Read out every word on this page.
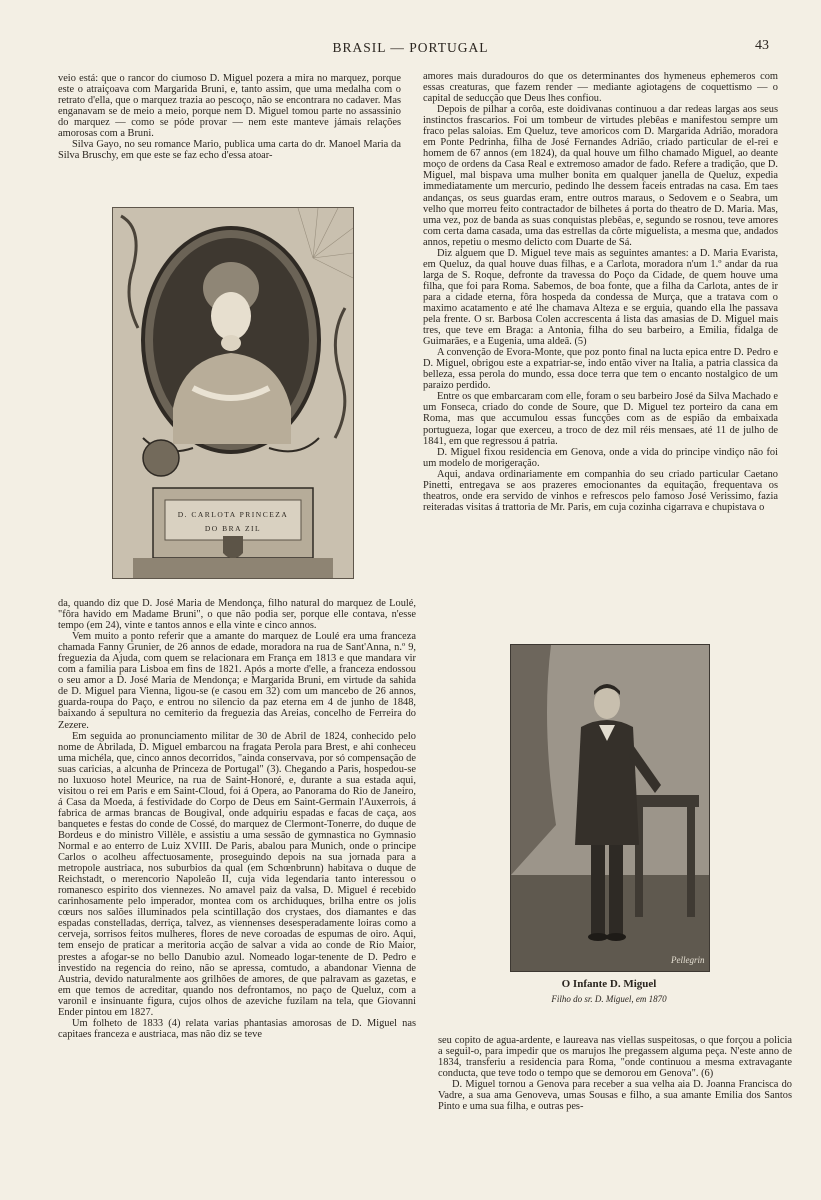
BRASIL — PORTUGAL	43

veio está: que o rancor do ciumoso D. Miguel pozera a mira no marquez, porque este o atraiçoava com Margarida Bruni, e, tanto assim, que uma medalha com o retrato d'ella, que o marquez trazia ao pescoço, não se encontrara no cadaver. Mas enganavam se de meio a meio, porque nem D. Miguel tomou parte no assassinio do marquez — como se póde provar — nem este manteve jámais relações amorosas com a Bruni.

Silva Gayo, no seu romance Mario, publica uma carta do dr. Manoel Maria da Silva Bruschy, em que este se faz echo d'essa atoar-

D. CARLOTA PRINCEZA
DO BRA ZIL

da, quando diz que D. José Maria de Mendonça, filho natural do marquez de Loulé, "fôra havido em Madame Bruni", o que não podia ser, porque elle contava, n'esse tempo (em 24), vinte e tantos annos e ella vinte e cinco annos.

Vem muito a ponto referir que a amante do marquez de Loulé era uma franceza chamada Fanny Grunier, de 26 annos de edade, moradora na rua de Sant'Anna, n.º 9, freguezia da Ajuda, com quem se relacionara em França em 1813 e que mandara vir com a familia para Lisboa em fins de 1821. Após a morte d'elle, a franceza endossou o seu amor a D. José Maria de Mendonça; e Margarida Bruni, em virtude da sahida de D. Miguel para Vienna, ligou-se (e casou em 32) com um mancebo de 26 annos, guarda-roupa do Paço, e entrou no silencio da paz eterna em 4 de junho de 1848, baixando á sepultura no cemiterio da freguezia das Areias, concelho de Ferreira do Zezere.

Em seguida ao pronunciamento militar de 30 de Abril de 1824, conhecido pelo nome de Abrilada, D. Miguel embarcou na fragata Perola para Brest, e ahi conheceu uma michéla, que, cinco annos decorridos, "ainda conservava, por só compensação de suas caricias, a alcunha de Princeza de Portugal" (3). Chegando a Paris, hospedou-se no luxuoso hotel Meurice, na rua de Saint-Honoré, e, durante a sua estada aqui, visitou o rei em Paris e em Saint-Cloud, foi á Opera, ao Panorama do Rio de Janeiro, á Casa da Moeda, á festividade do Corpo de Deus em Saint-Germain l'Auxerrois, á fabrica de armas brancas de Bougival, onde adquiriu espadas e facas de caça, aos banquetes e festas do conde de Cossé, do marquez de Clermont-Tonerre, do duque de Bordeus e do ministro Villèle, e assistiu a uma sessão de gymnastica no Gymnasio Normal e ao enterro de Luiz XVIII. De Paris, abalou para Munich, onde o principe Carlos o acolheu affectuosamente, proseguindo depois na sua jornada para a metropole austriaca, nos suburbios da qual (em Schœnbrunn) habitava o duque de Reichstadt, o merencorio Napoleão II, cuja vida legendaria tanto interessou o romanesco espirito dos viennezes. No amavel paiz da valsa, D. Miguel é recebido carinhosamente pelo imperador, montea com os archiduques, brilha entre os jolis cœurs nos salões illuminados pela scintillação dos crystaes, dos diamantes e das espadas constelladas, derriça, talvez, as viennenses desesperadamente loiras como a cerveja, sorrisos feitos mulheres, flores de neve coroadas de espumas de oiro. Aqui, tem ensejo de praticar a meritoria acção de salvar a vida ao conde de Rio Maior, prestes a afogar-se no bello Danubio azul. Nomeado logar-tenente de D. Pedro e investido na regencia do reino, não se apressa, comtudo, a abandonar Vienna de Austria, devido naturalmente aos grilhões de amores, de que palravam as gazetas, e em que temos de acreditar, quando nos defrontamos, no paço de Queluz, com a varonil e insinuante figura, cujos olhos de azeviche fuzilam na tela, que Giovanni Ender pintou em 1827.

Um folheto de 1833 (4) relata varias phantasias amorosas de D. Miguel nas capitaes franceza e austriaca, mas não diz se teve

amores mais duradouros do que os determinantes dos hymeneus ephemeros com essas creaturas, que fazem render — mediante agiotagens de coquettismo — o capital de seducção que Deus lhes confiou.

Depois de pilhar a corôa, este doidivanas continuou a dar redeas largas aos seus instinctos frascarios. Foi um tombeur de virtudes plebêas e manifestou sempre um fraco pelas saloias. Em Queluz, teve amoricos com D. Margarida Adrião, moradora em Ponte Pedrinha, filha de José Fernandes Adrião, criado particular de el-rei e homem de 67 annos (em 1824), da qual houve um filho chamado Miguel, ao deante moço de ordens da Casa Real e extremoso amador de fado. Refere a tradição, que D. Miguel, mal bispava uma mulher bonita em qualquer janella de Queluz, expedia immediatamente um mercurio, pedindo lhe dessem faceis entradas na casa. Em taes andanças, os seus guardas eram, entre outros maraus, o Sedovem e o Seabra, um velho que morreu feito contractador de bilhetes á porta do theatro de D. Maria. Mas, uma vez, poz de banda as suas conquistas plebêas, e, segundo se rosnou, teve amores com certa dama casada, uma das estrellas da côrte miguelista, a mesma que, andados annos, repetiu o mesmo delicto com Duarte de Sá.

Diz alguem que D. Miguel teve mais as seguintes amantes: a D. Maria Evarista, em Queluz, da qual houve duas filhas, e a Carlota, moradora n'um 1.º andar da rua larga de S. Roque, defronte da travessa do Poço da Cidade, de quem houve uma filha, que foi para Roma. Sabemos, de boa fonte, que a filha da Carlota, antes de ir para a cidade eterna, fôra hospeda da condessa de Murça, que a tratava com o maximo acatamento e até lhe chamava Alteza e se erguia, quando ella lhe passava pela frente. O sr. Barbosa Colen accrescenta á lista das amasias de D. Miguel mais tres, que teve em Braga: a Antonia, filha do seu barbeiro, a Emilia, fidalga de Guimarães, e a Eugenia, uma aldeã. (5)

A convenção de Evora-Monte, que poz ponto final na lucta epica entre D. Pedro e D. Miguel, obrigou este a expatriar-se, indo então viver na Italia, a patria classica da belleza, essa perola do mundo, essa doce terra que tem o encanto nostalgico de um paraizo perdido.

Entre os que embarcaram com elle, foram o seu barbeiro José da Silva Machado e um Fonseca, criado do conde de Soure, que D. Miguel tez porteiro da cana em Roma, mas que accumulou essas funcções com as de espião da embaixada portugueza, logar que exerceu, a troco de dez mil réis mensaes, até 11 de julho de 1841, em que regressou á patria.

D. Miguel fixou residencia em Genova, onde a vida do principe vindiço não foi um modelo de morigeração.

Aqui, andava ordinariamente em companhia do seu criado particular Caetano Pinetti, entregava se aos prazeres emocionantes da equitação, frequentava os theatros, onde era servido de vinhos e refrescos pelo famoso José Verissimo, fazia reiteradas visitas á trattoria de Mr. Paris, em cuja cozinha cigarrava e chupistava o

Pellegrin
O Infante D. Miguel
Filho do sr. D. Miguel, em 1870

seu copito de agua-ardente, e laureava nas viellas suspeitosas, o que forçou a policia a seguil-o, para impedir que os marujos lhe pregassem alguma peça. N'este anno de 1834, transferiu a residencia para Roma, "onde continuou a mesma extravagante conducta, que teve todo o tempo que se demorou em Genova". (6)

D. Miguel tornou a Genova para receber a sua velha aia D. Joanna Francisca do Vadre, a sua ama Genoveva, umas Sousas e filho, a sua amante Emilia dos Santos Pinto e uma sua filha, e outras pes-
